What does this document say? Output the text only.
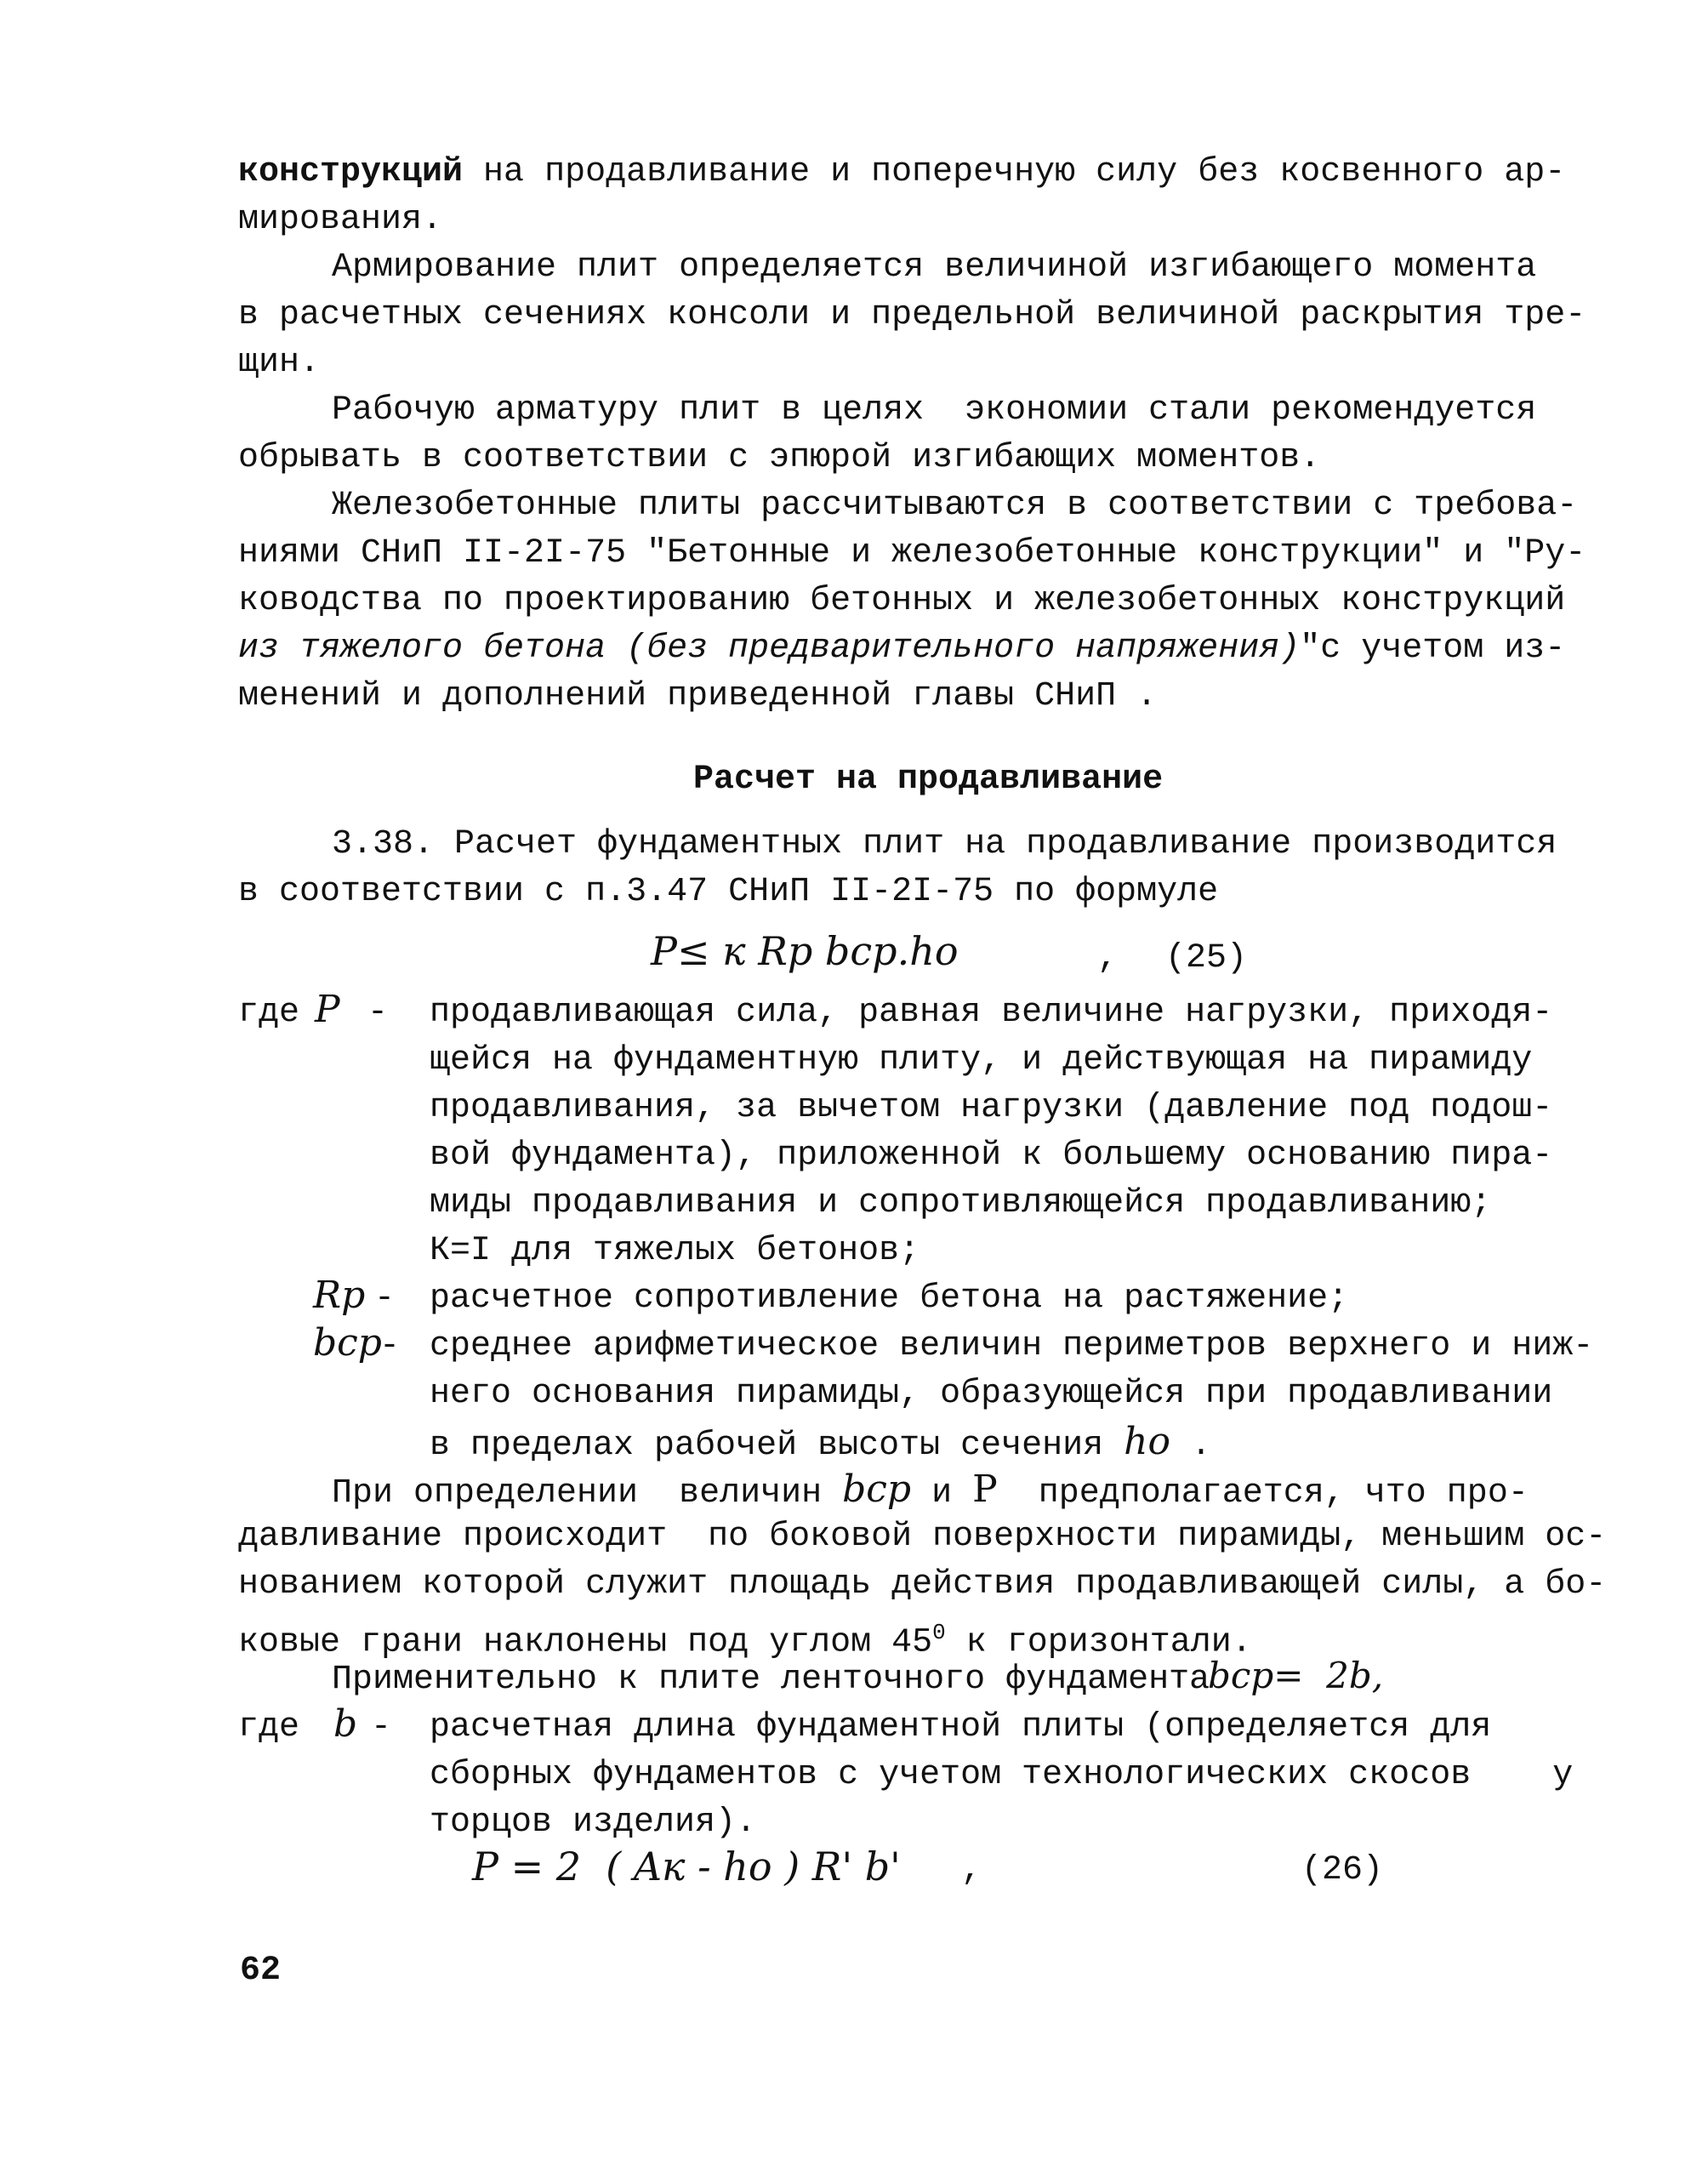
конструкций на продавливание и поперечную силу без косвенного ар-
мирования.
Армирование плит определяется величиной изгибающего момента
в расчетных сечениях консоли и предельной величиной раскрытия тре-
щин.
Рабочую арматуру плит в целях  экономии стали рекомендуется
обрывать в соответствии с эпюрой изгибающих моментов.
Железобетонные плиты рассчитываются в соответствии с требова-
ниями СНиП II-2I-75 "Бетонные и железобетонные конструкции" и "Ру-
ководства по проектированию бетонных и железобетонных конструкций
из тяжелого бетона (без предварительного напряжения)"с учетом из-
менений и дополнений приведенной главы СНиП .
Расчет на продавливание
3.38. Расчет фундаментных плит на продавливание производится
в соответствии с п.3.47 СНиП II-2I-75 по формуле
P≤ к Rр bср.hо	, (25)
где P - продавливающая сила, равная величине нагрузки, приходя-
щейся на фундаментную плиту, и действующая на пирамиду
продавливания, за вычетом нагрузки (давление под подош-
вой фундамента), приложенной к большему основанию пира-
миды продавливания и сопротивляющейся продавливанию;
К=I для тяжелых бетонов;
Rр - расчетное сопротивление бетона на растяжение;
bср
- среднее арифметическое величин периметров верхнего и ниж-
него основания пирамиды, образующейся при продавливании
в пределах рабочей высоты сечения hо .
При определении  величин bср и P  предполагается, что про-
давливание происходит  по боковой поверхности пирамиды, меньшим ос-
нованием которой служит площадь действия продавливающей силы, а бо-
ковые грани наклонены под углом $45^0$ к горизонтали.
Применительно к плите ленточного фундамента
bср=  2b,
где b - расчетная длина фундаментной плиты (определяется для
сборных фундаментов с учетом технологических скосов    у
торцов изделия).
P = 2  ( Aк - hо ) R' b' ,	(26)
62
